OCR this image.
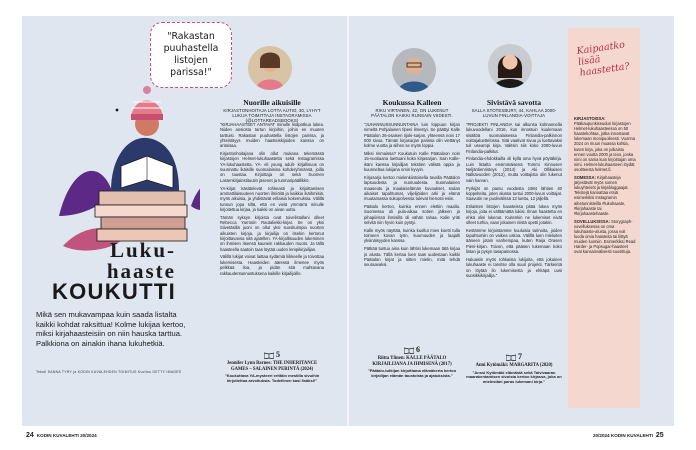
"Rakastan puuhastella listojen parissa!"
Nuorille aikuisille
KIRJASTONHOITAJA LOTTA AUTIO, 30, LYHYT LUKIJA TOIMITTAJA INSTAGRAMISSA (@LOTTAREADSBOOKS)
Koukussa Kalleen
RIKU VIRTANEN, 42, ON LUKENUT PÄÄTALON KAIKKI RUNSAIN VIIDESTI.
Sivistävä savotta
SALLA STOTESBURY, 44, KAHLAA 2000-LUVUN FINLANDIA-VOITTAJA

"KIRJAHAASTEET ANTAVAT minulle lisäpotkua lukea. Niiden ansiosta tartun kirjoihin, joihin en muuten tarttuisi. Rakastan puuhastella listojen parissa, ja yhteistityys muiden haasteiskijoiden kanssa on antoisaa.

Kirjastonhoitajana olin ollut mukana tekemässä kirjastojen Helmet-lukuhaastetta sekä Instagramissa YA-lukuhaastetta. YA- eli young adult- kirjallisuus on suunnattu ikäisille suomalaisina kohderyhmänsä, joilla on taustaa. Kirjoittaja on sekä Suomen Lastenkirjainstituutin jäsenet ja tuomaripäällikkö.

YA-kirjat käsittelevät rohkeasti ja kirjoittamisen ammattilaisuuteen nuorten ilmiöitä ja kaikkia ikäihmisiä, myös aikuisia, ja yhdistävät erilaisia kokemuksia. Välillä tunnun jopa siltä, että en vielä ymmärrä minulle kirjoitettua kirjaa, ja kaikki on aivan uutta.

Tämän syksyn kirjoista ovat toivelistallani olleet Rebecca Yarrosin Rautaliekki-kirjat. Se on yksi Siivetäsillä juoni on ollut yksi suosituimpia nuorten aikuisten kirjoja, ja kirjailija on itsekin kertonut kirjoittavansa sitä ajatellen. YA-kirjallisuuden lukeminen on ihmisen itsensä kaunein rakkauden muoto. Ja tällä haasteella saatoin taas löytää uuden lempikirjailijan.

Välillä lukijat voivat laittaa sydämiä liikkeelle ja toivottaa lukemisesta. Haasteiden ääressä ilmenee myös pelkkää iloa, ja pidän sitä mahtavana rakkaudentunnustuksena kaikille kirjailijoille.

"JUHANNUSSUNNUNTAINA luin loppuun kirjan nimeltä Pohjalainen Ilpeni ilmestyi. Se päättyi Kalle Päätalon 26-osaisen Iijoki-sarjan, yhteensä noin 17 000 sivua. Tämän kirjasarjan parissa olin viettänyt kolme vuotta ja siihen se myös loppui.

Miksi Iinmaissa? Koukutuin Kalle Päätaloon noin 15-vuotiaana luettuani koko kirjasarjan. Sain Kalle-ikäni kanssa kirjailijan tekstien välistä oppia ja kuunneltua lukijana omin kyvyin.

Kirjasarja kertoo mielenkiintoisella tavalla Päätalon lapsuudesta ja nuoruudesta. Suomalainen maaseutu ja maalaiselämän kuvaukset, sodan aikaiset tapahtumat, viljelijöiden arki ja elämä muutamassa sukupolvessa tulevat hienosti esiin.

Päätalo kertoo, kuinka ennen elettiin maalla. Suomessa oli pula-aikaa sotien jälkeen ja pihapiirissä ihmisillä oli vähän rahaa. Kalle yritti selvitä niin hyvin kuin pystyi.

Kalle myös näyttää, kuinka kuollut mies koetti tulla toimeen kovan työn, kuumuuden ja laajalti yksinäisyyden kanssa.

Pätkää tuntuu aina kuin lähtisi lukemaan tätä kirjaa jo alusta. Tällä kertaa luen taas uudestaan kaikki Päätalon kirjat ja sitten mietin, mitä tehdä seuraavaksi.

"PROJEKTI FINLANDIA sai alkunsa kolmannella lukuvuodellani 2016, kun innostuin kuulemaan sisältöä suomalaisessa Finlandia-palkinnon voittajaluettelossa. Sitä vaativat sivua ja luettavaksi tuli useampi kirja. Valitsin siis koko 2000-luvun Finlandia-palkitut.

Finlandia-ehdokkailla oli kyllä oma hyvä pöytäkirja. Luin listalta ensimmäisenä Tommi Kinnusen Neljäntienristeys (2014) ja Aki Ollikaisen Nälkävuoden (2012), mutta voittajista olin lukenut vain harvan.

Pyrkijät on pantu vuodesta 1984 lähtien 40 koppelteita, joten alussa tuntui 2000-luvun voittajat. Saavutin ne puolivälissä 13 luettu, 12 jäljellä.

Erilaisten listojen haasteissa pitää lukea myös kirjoja, joita ei välttämättä lukisi. Ilman haastetta en ehkä olisi lukenut. Kuitenkin ne lukemiset eivät olleet turhia, vaan jokainen niistä opetti jotakin.

Kestämme kirjoistamme kuuluisia tarinoita, joiden tapahtumiin on vaikea uskoa. Välillä luen mieluiten ääneen jotain vanhempaa, kuten Raija Orasen Pieni-kirjan. Toivon, että pääsen lukemaan koko listan ja pysyn tasapainossa.

Haluaisin myös rohkaista lukijoita, että jokainen lukuhaaste ei tarvitse olla suuri projekti. Tärkeintä on löytää ilo lukemisesta ja ehkäpä uusi suosikkikirjailija."

Luku-
haaste
KOUKUTTI
Mikä sen mukavampaa kuin saada listalta kaikki kohdat raksittua! Kolme lukijaa kertoo, miksi kirjahaasteisiin on niin hauska tarttua. Palkkiona on ainakin ihana lukuhetkiä.
Teksti SANNA TYRY ja KODIN KUVALEHDEN TOIMITUS Kuvitus GETTY IMAGES
5
Jennifer Lynn Barnes: THE INHERITANCE GAMES – SALAINEN PERINTÄ (2024)
"Koukuttava YA-mysteeri erittäin mestilla sivuihin kirjoitettua arvoituksia. Todellinen kasi lisäksi!"
6
Riitta Ylinen: KALLE PÄÄTALO KIRJAILIJANA JA IHMISENÄ (2017)
"Päätalo-tutkijan kirjoittama elämäkerta kertoo kirjailijan elämän taustoista ja ajatuksista."
7
Anni Kytömäki: MARGARITA (2020)
"Anssi Kytömäki elämästä sekä Talvivaaran maarakentamisen sivuista kertoo kirjassa, joka on mielestäni paras lukemani kirja."
Kaipaatko lisää haastetta?

KIRJASTOISSA: Pääkaupunkiseudun kirjastojen Helmet-lukuhaasteessa on 50 haastekohtaa, jotka innostavat lukemaan monipuolisesti. Vuonna 2024 on muun muassa kohtia, kuten kirja, joka on julkaistu ennen vuotta 2000 ja teos, jonka nimi on sama kuin kirjoittajan oma nimi. Helmet-lukuhaasteen löydät osoitteesta helmet.fi.

SOMESSA: Kirjahaasteja järjestävät myös somen lukuyhteisöt ja kirjabloggaajat. Tekstejä kannattaa etsiä esimerkiksi Instagramin aihetunnisteilla #lukuhaaste, #kirjahaaste tai #kirjahaastehaaste.

SOVELLUKSISSA: Storygraph-sovelluksessa on oma lukuhaaste-alusta, jossa voit luoda omia haasteita tai liittyä muiden luomiin. Esimerkiksi Read Harder- ja Popsugar-haasteet ovat kansainvälisesti suosittuja.

24 KODIN KUVALEHTI 20/2024	20/2024 KODIN KUVALEHTI 25
